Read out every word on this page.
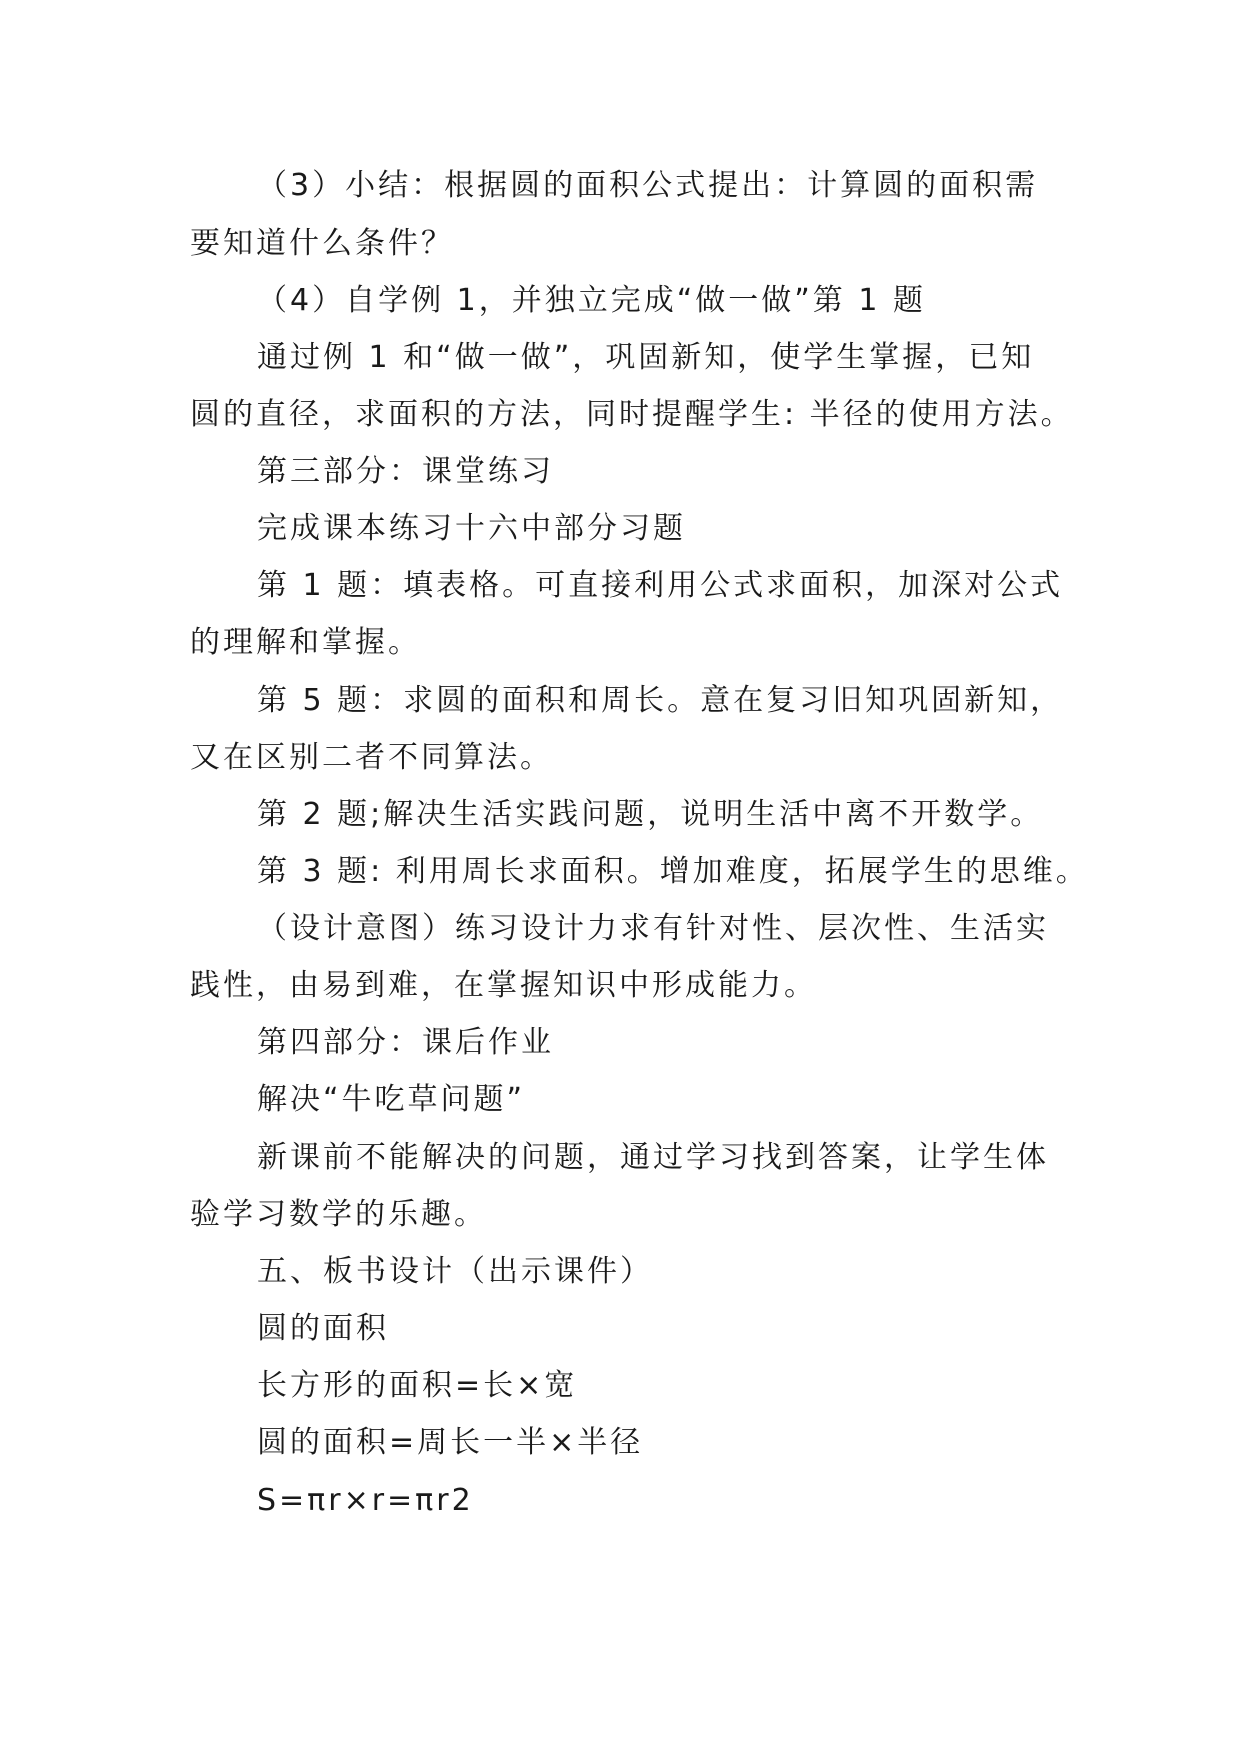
（3）小结：根据圆的面积公式提出：计算圆的面积需
要知道什么条件？
（4）自学例 1，并独立完成“做一做”第 1 题
通过例 1 和“做一做”，巩固新知，使学生掌握，已知
圆的直径，求面积的方法，同时提醒学生: 半径的使用方法。
第三部分：课堂练习
完成课本练习十六中部分习题
第 1 题：填表格。可直接利用公式求面积，加深对公式
的理解和掌握。
第 5 题：求圆的面积和周长。意在复习旧知巩固新知，
又在区别二者不同算法。
第 2 题;解决生活实践问题，说明生活中离不开数学。
第 3 题: 利用周长求面积。增加难度，拓展学生的思维。
（设计意图）练习设计力求有针对性、层次性、生活实
践性，由易到难，在掌握知识中形成能力。
第四部分：课后作业
解决“牛吃草问题”
新课前不能解决的问题，通过学习找到答案，让学生体
验学习数学的乐趣。
五、板书设计（出示课件）
圆的面积
长方形的面积=长×宽
圆的面积=周长一半×半径
S=πr×r=πr2
